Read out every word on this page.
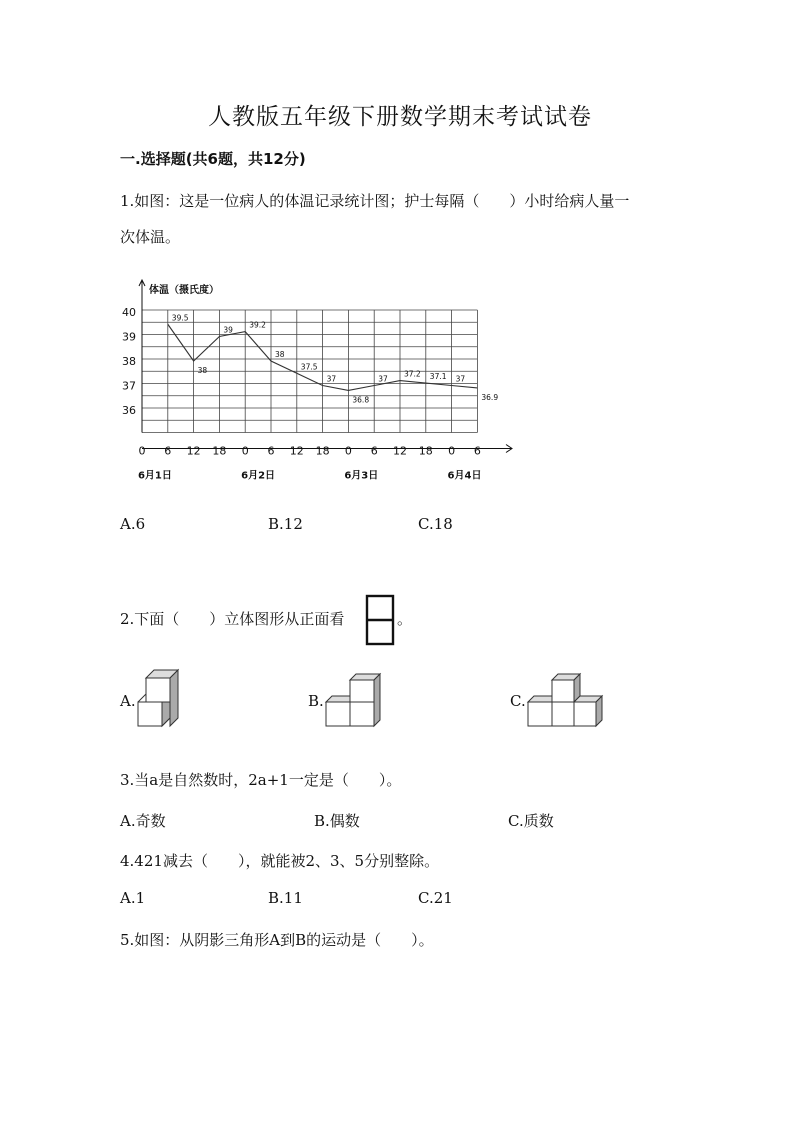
人教版五年级下册数学期末考试试卷
一.选择题(共6题，共12分)
1.如图：这是一位病人的体温记录统计图；护士每隔（　　）小时给病人量一
次体温。
40
39
38
37
36
0 6 12 18 0 6 12 18 0 6 12 18 0 6
6月1日	6月2日	6月3日	6月4日
39.5
38
39
39.2
38
37.5
37
36.8
37
37.2 37.1 37
36.9
体温（摄氏度）
A.6	B.12	C.18
2.下面（　　）立体图形从正面看	。
A.	B.	C.
3.当a是自然数时，2a+1一定是（　　）。
A.奇数	B.偶数	C.质数
4.421减去（　　），就能被2、3、5分别整除。
A.1	B.11	C.21
5.如图：从阴影三角形A到B的运动是（　　）。
